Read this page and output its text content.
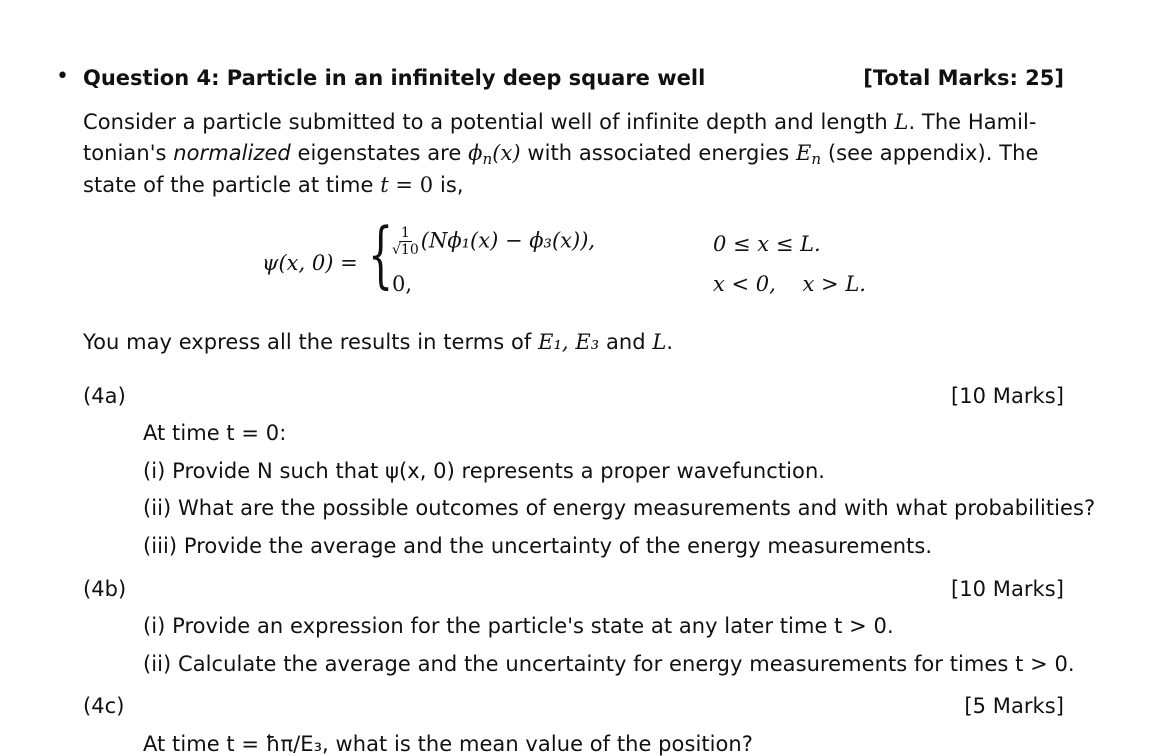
• Question 4: Particle in an infinitely deep square well	[Total Marks: 25]
Consider a particle submitted to a potential well of infinite depth and length L. The Hamil-
tonian's normalized eigenstates are $\phi_n(x)$ with associated energies $E_n$ (see appendix). The
state of the particle at time t = 0 is,
ψ(x, 0) = {
$\frac{1}{√10} (N\phi_1(x) - \phi_3(x))$,	0 ≤ x ≤ L.
0,	x < 0,    x > L.
You may express all the results in terms of E₁, E₃ and L.
(4a)	[10 Marks]
At time t = 0:
(i) Provide N such that ψ(x, 0) represents a proper wavefunction.
(ii) What are the possible outcomes of energy measurements and with what probabilities?
(iii) Provide the average and the uncertainty of the energy measurements.
(4b)	[10 Marks]
(i) Provide an expression for the particle's state at any later time t > 0.
(ii) Calculate the average and the uncertainty for energy measurements for times t > 0.
(4c)	[5 Marks]
At time t = ħπ/E₃, what is the mean value of the position?
